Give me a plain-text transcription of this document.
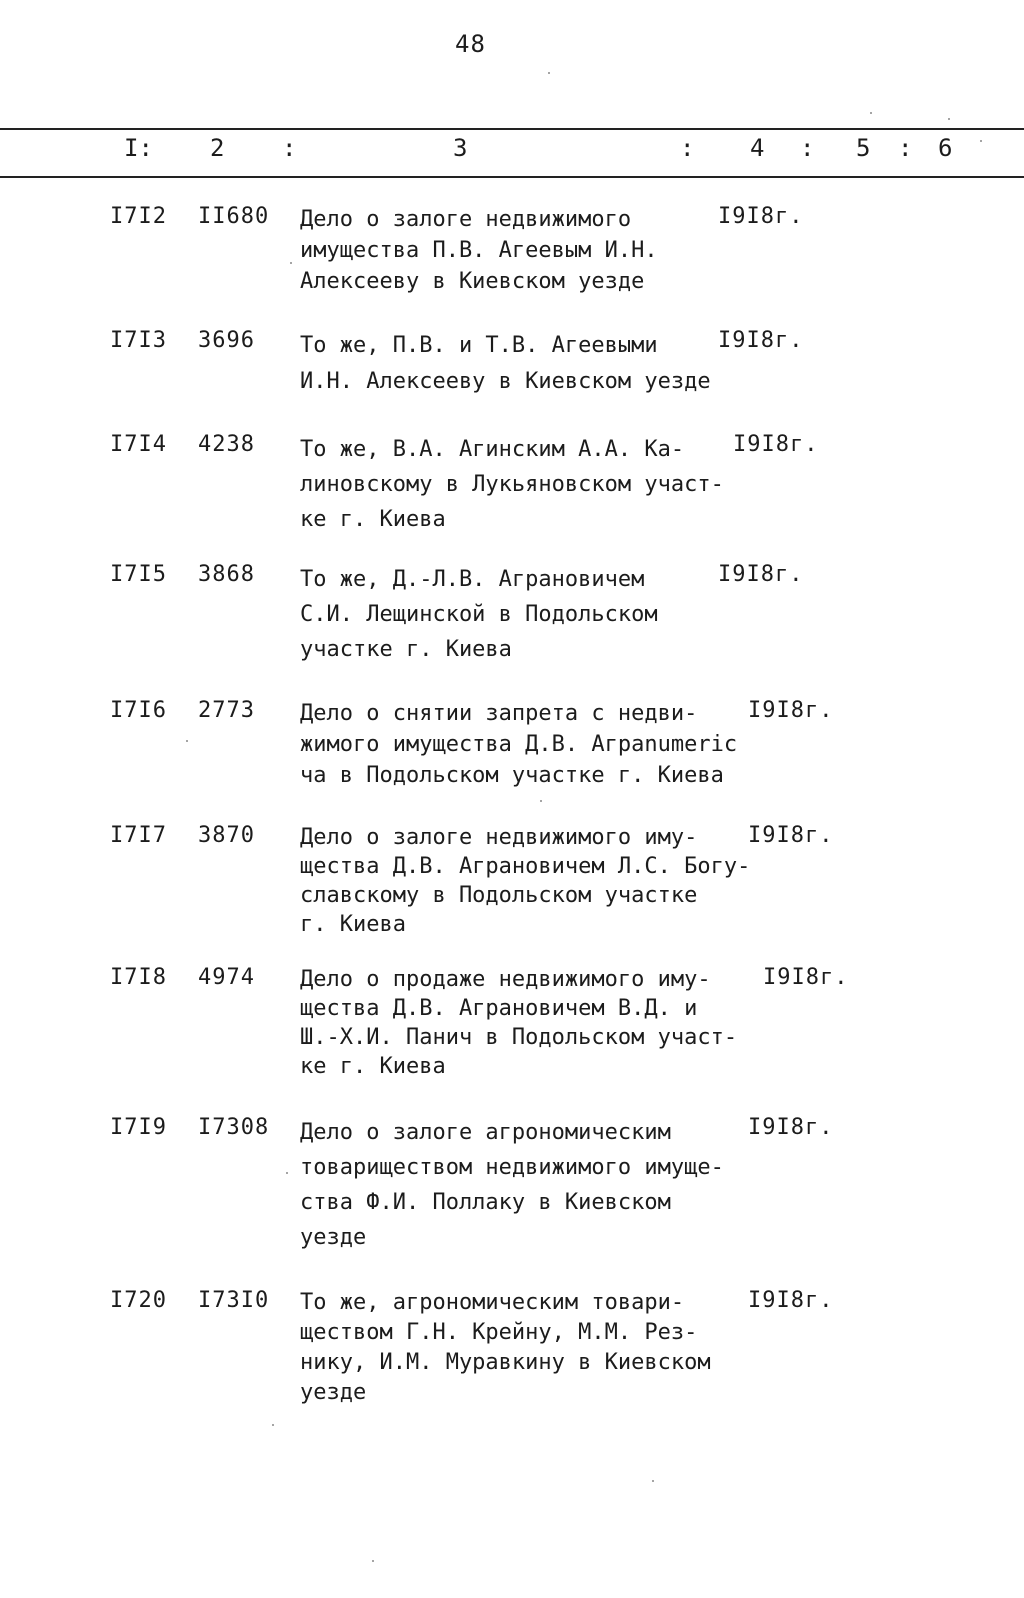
48
I: 2 :	3	: 4 : 5 : 6
I7I2 II680 Дело о залоге недвижимого
имущества П.В. Агеевым И.Н.
Алексееву в Киевском уезде
I9I8г.
I7I3 3696 То же, П.В. и Т.В. Агеевыми
И.Н. Алексееву в Киевском уезде
I9I8г.
I7I4 4238 То же, В.А. Агинским А.А. Ка-
линовскому в Лукьяновском участ-
ке г. Киева
I9I8г.
I7I5 3868 То же, Д.-Л.В. Аграновичем
С.И. Лещинской в Подольском
участке г. Киева
I9I8г.
I7I6 2773 Дело о снятии запрета с недви-
жимого имущества Д.В. Аграnumeric
ча в Подольском участке г. Киева
I9I8г.
I7I7 3870 Дело о залоге недвижимого иму-
щества Д.В. Аграновичем Л.С. Богу-
славскому в Подольском участке
г. Киева
I9I8г.
I7I8 4974 Дело о продаже недвижимого иму-
щества Д.В. Аграновичем В.Д. и
Ш.-Х.И. Панич в Подольском участ-
ке г. Киева
I9I8г.
I7I9 I7308 Дело о залоге агрономическим
товариществом недвижимого имуще-
ства Ф.И. Поллаку в Киевском
уезде
I9I8г.
I720 I73I0 То же, агрономическим товари-
ществом Г.Н. Крейну, М.М. Рез-
нику, И.М. Муравкину в Киевском
уезде
I9I8г.
